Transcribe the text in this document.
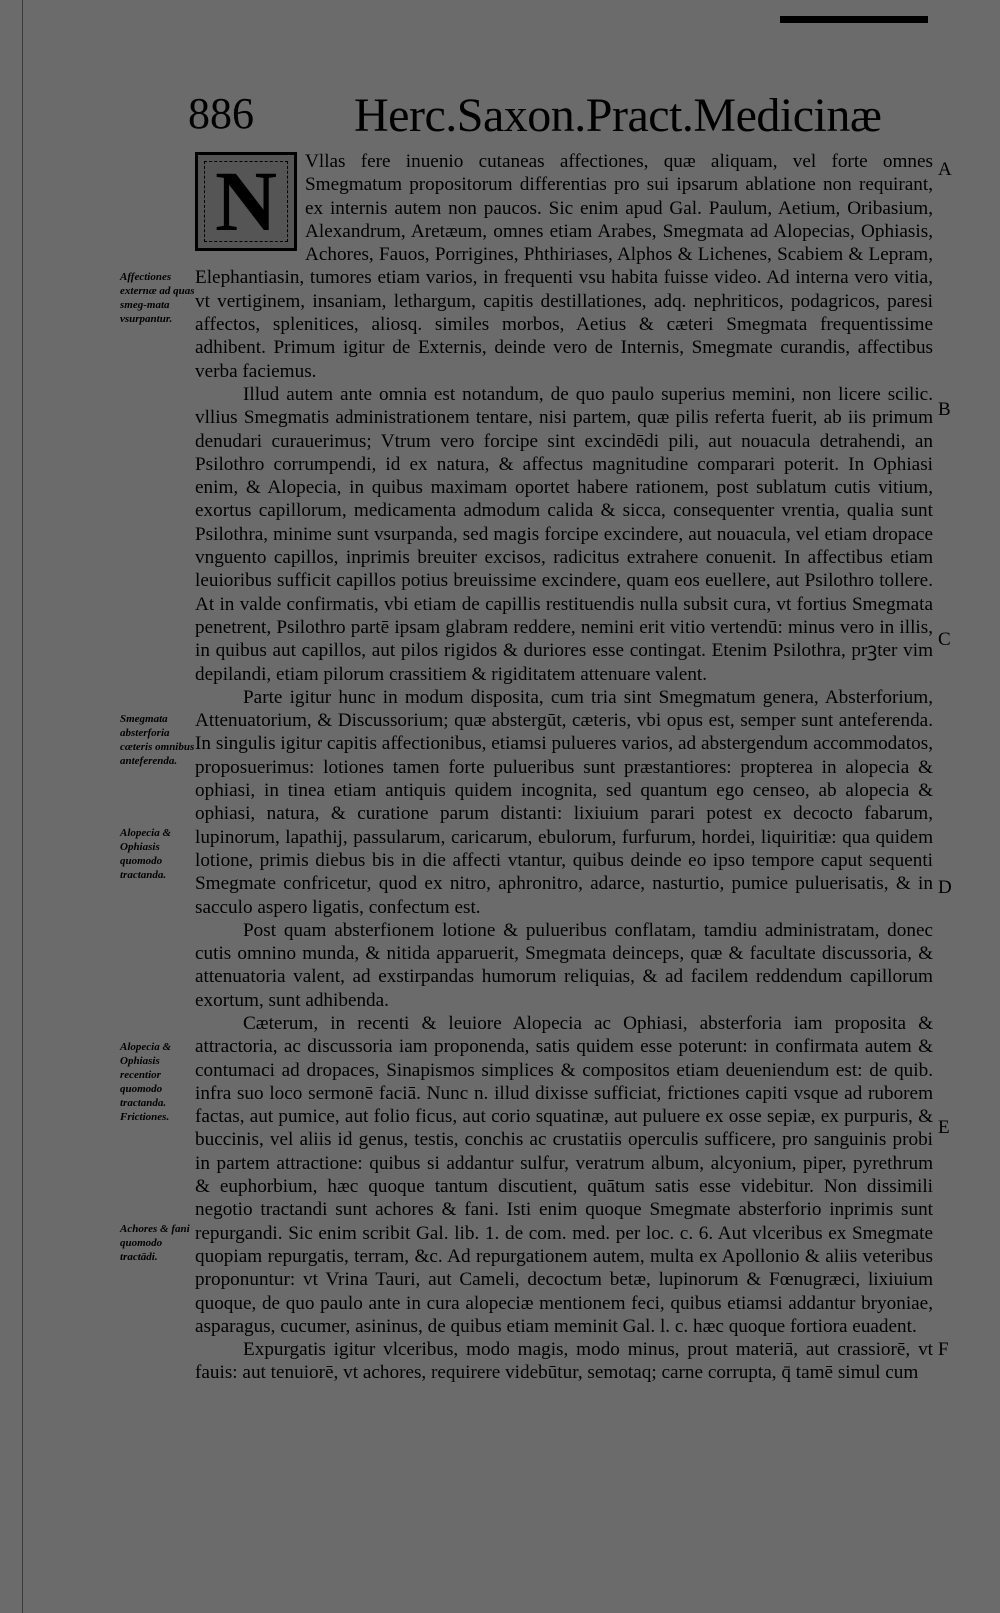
886 Herc.Saxon.Pract.Medicinæ

N	Vllas fere inuenio cutaneas affectiones, quæ aliquam, vel forte omnes Smegmatum propositorum differentias pro sui ipsarum ablatione non requirant, ex internis autem non paucos. Sic enim apud Gal. Paulum, Aetium, Oribasium, Alexandrum, Aretæum, omnes etiam Arabes, Smegmata ad Alopecias, Ophiasis, Achores, Fauos, Porrigines, Phthiriases, Alphos & Lichenes, Scabiem & Lepram, Elephantiasin, tumores etiam varios, in frequenti vsu habita fuisse video. Ad interna vero vitia, vt vertiginem, insaniam, lethargum, capitis destillationes, adq. nephriticos, podagricos, paresi affectos, splenitices, aliosq. similes morbos, Aetius & cæteri Smegmata frequentissime adhibent. Primum igitur de Externis, deinde vero de Internis, Smegmate curandis, affectibus verba faciemus.

Illud autem ante omnia est notandum, de quo paulo superius memini, non licere scilic. vllius Smegmatis administrationem tentare, nisi partem, quæ pilis referta fuerit, ab iis primum denudari curauerimus; Vtrum vero forcipe sint excindēdi pili, aut nouacula detrahendi, an Psilothro corrumpendi, id ex natura, & affectus magnitudine comparari poterit. In Ophiasi enim, & Alopecia, in quibus maximam oportet habere rationem, post sublatum cutis vitium, exortus capillorum, medicamenta admodum calida & sicca, consequenter vrentia, qualia sunt Psilothra, minime sunt vsurpanda, sed magis forcipe excindere, aut nouacula, vel etiam dropace vnguento capillos, inprimis breuiter excisos, radicitus extrahere conuenit. In affectibus etiam leuioribus sufficit capillos potius breuissime excindere, quam eos euellere, aut Psilothro tollere. At in valde confirmatis, vbi etiam de capillis restituendis nulla subsit cura, vt fortius Smegmata penetrent, Psilothro partē ipsam glabram reddere, nemini erit vitio vertendū: minus vero in illis, in quibus aut capillos, aut pilos rigidos & duriores esse contingat. Etenim Psilothra, prꝫter vim depilandi, etiam pilorum crassitiem & rigiditatem attenuare valent.

Parte igitur hunc in modum disposita, cum tria sint Smegmatum genera, Absterforium, Attenuatorium, & Discussorium; quæ abstergūt, cæteris, vbi opus est, semper sunt anteferenda. In singulis igitur capitis affectionibus, etiamsi pulueres varios, ad abstergendum accommodatos, proposuerimus: lotiones tamen forte pulueribus sunt præstantiores: propterea in alopecia & ophiasi, in tinea etiam antiquis quidem incognita, sed quantum ego censeo, ab alopecia & ophiasi, natura, & curatione parum distanti: lixiuium parari potest ex decocto fabarum, lupinorum, lapathij, passularum, caricarum, ebulorum, furfurum, hordei, liquiritiæ: qua quidem lotione, primis diebus bis in die affecti vtantur, quibus deinde eo ipso tempore caput sequenti Smegmate confricetur, quod ex nitro, aphronitro, adarce, nasturtio, pumice puluerisatis, & in sacculo aspero ligatis, confectum est.

Post quam absterfionem lotione & pulueribus conflatam, tamdiu administratam, donec cutis omnino munda, & nitida apparuerit, Smegmata deinceps, quæ & facultate discussoria, & attenuatoria valent, ad exstirpandas humorum reliquias, & ad facilem reddendum capillorum exortum, sunt adhibenda.

Cæterum, in recenti & leuiore Alopecia ac Ophiasi, absterforia iam proposita & attractoria, ac discussoria iam proponenda, satis quidem esse poterunt: in confirmata autem & contumaci ad dropaces, Sinapismos simplices & compositos etiam deueniendum est: de quib. infra suo loco sermonē faciā. Nunc n. illud dixisse sufficiat, frictiones capiti vsque ad ruborem factas, aut pumice, aut folio ficus, aut corio squatinæ, aut puluere ex osse sepiæ, ex purpuris, & buccinis, vel aliis id genus, testis, conchis ac crustatiis operculis sufficere, pro sanguinis probi in partem attractione: quibus si addantur sulfur, veratrum album, alcyonium, piper, pyrethrum & euphorbium, hæc quoque tantum discutient, quātum satis esse videbitur. Non dissimili negotio tractandi sunt achores & fani. Isti enim quoque Smegmate absterforio inprimis sunt repurgandi. Sic enim scribit Gal. lib. 1. de com. med. per loc. c. 6. Aut vlceribus ex Smegmate quopiam repurgatis, terram, &c. Ad repurgationem autem, multa ex Apollonio & aliis veteribus proponuntur: vt Vrina Tauri, aut Cameli, decoctum betæ, lupinorum & Fœnugræci, lixiuium quoque, de quo paulo ante in cura alopeciæ mentionem feci, quibus etiamsi addantur bryoniae, asparagus, cucumer, asininus, de quibus etiam meminit Gal. l. c. hæc quoque fortiora euadent.

Expurgatis igitur vlceribus, modo magis, modo minus, prout materiā, aut crassiorē, vt fauis: aut tenuiorē, vt achores, requirere videbūtur, semotaq; carne corrupta, q̄ tamē simul cum

Affectiones externæ ad quas smeg-mata vsurpantur.
Smegmata absterforia cæteris omnibus anteferenda.
Alopecia & Ophiasis quomodo tractanda.
Alopecia & Ophiasis recentior quomodo tractanda. Frictiones.
Achores & fani quomodo tractādi.
A
B
C
D
E
F
